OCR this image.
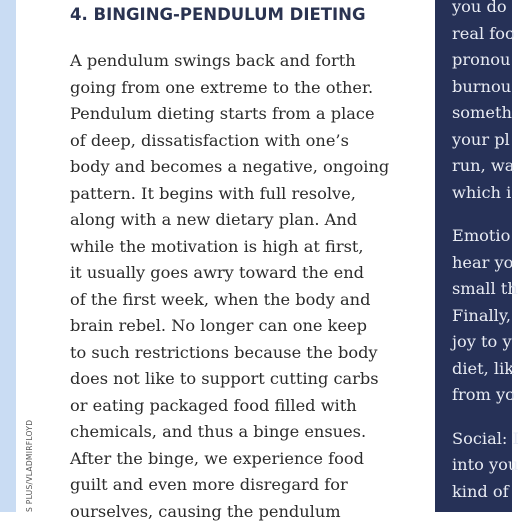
4. BINGING-PENDULUM DIETING
A pendulum swings back and forth
going from one extreme to the other.
Pendulum dieting starts from a place
of deep, dissatisfaction with one’s
body and becomes a negative, ongoing
pattern. It begins with full resolve,
along with a new dietary plan. And
while the motivation is high at first,
it usually goes awry toward the end
of the first week, when the body and
brain rebel. No longer can one keep
to such restrictions because the body
does not like to support cutting carbs
or eating packaged food filled with
chemicals, and thus a binge ensues.
After the binge, we experience food
guilt and even more disregard for
ourselves, causing the pendulum
S PLUS/VLADMIRFLOYD
you do
real foo
pronou
burnou
someth
your pl
run, wa
which i
Emotio
hear yo
small th
Finally,
joy to y
diet, lik
from yo
Social: I
into you
kind of
